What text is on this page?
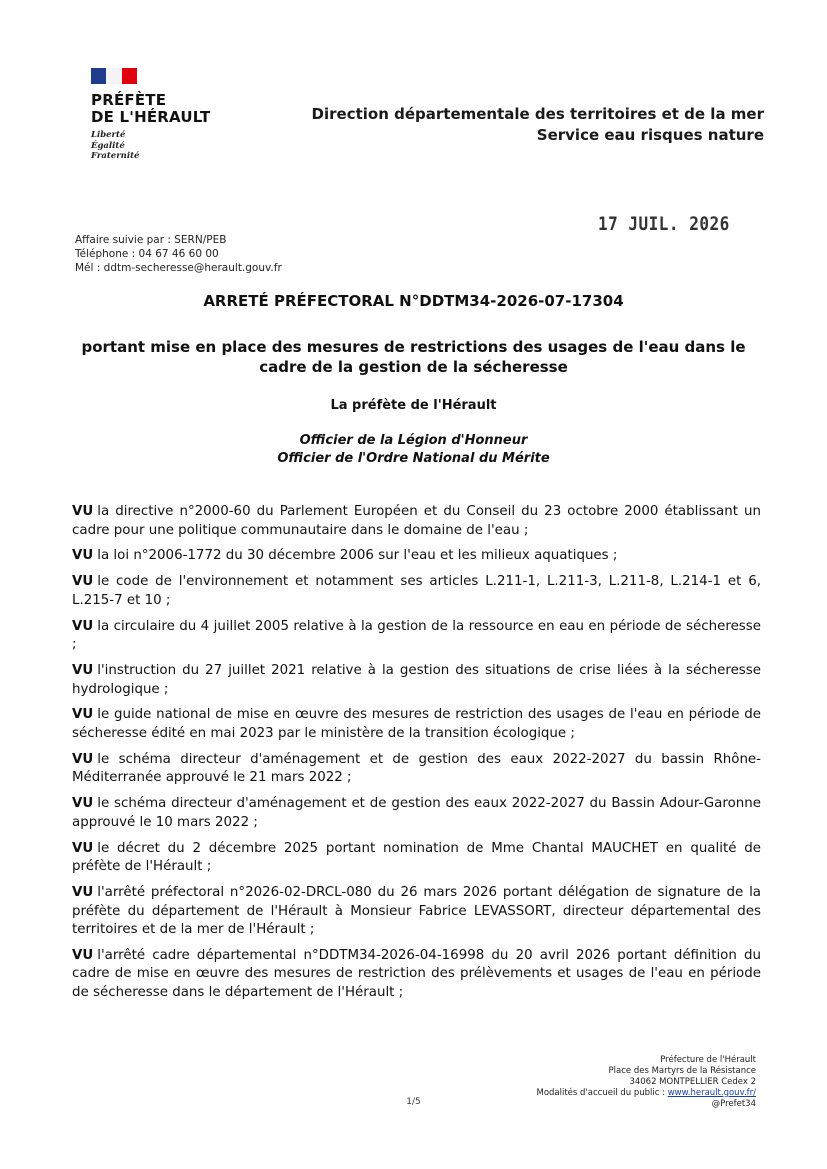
PRÉFÈTE
DE L'HÉRAULT
Liberté
Égalité
Fraternité
Direction départementale des territoires et de la mer
Service eau risques nature
17 JUIL. 2026
Affaire suivie par : SERN/PEB
Téléphone : 04 67 46 60 00
Mél : ddtm-secheresse@herault.gouv.fr
ARRETÉ PRÉFECTORAL N°DDTM34-2026-07-17304
portant mise en place des mesures de restrictions des usages de l'eau dans le cadre de la gestion de la sécheresse
La préfète de l'Hérault
Officier de la Légion d'Honneur
Officier de l'Ordre National du Mérite

VU la directive n°2000-60 du Parlement Européen et du Conseil du 23 octobre 2000 établissant un cadre pour une politique communautaire dans le domaine de l'eau ;

VU la loi n°2006-1772 du 30 décembre 2006 sur l'eau et les milieux aquatiques ;

VU le code de l'environnement et notamment ses articles L.211-1, L.211-3, L.211-8, L.214-1 et 6, L.215-7 et 10 ;

VU la circulaire du 4 juillet 2005 relative à la gestion de la ressource en eau en période de sécheresse ;

VU l'instruction du 27 juillet 2021 relative à la gestion des situations de crise liées à la sécheresse hydrologique ;

VU le guide national de mise en œuvre des mesures de restriction des usages de l'eau en période de sécheresse édité en mai 2023 par le ministère de la transition écologique ;

VU le schéma directeur d'aménagement et de gestion des eaux 2022-2027 du bassin Rhône-Méditerranée approuvé le 21 mars 2022 ;

VU le schéma directeur d'aménagement et de gestion des eaux 2022-2027 du Bassin Adour-Garonne approuvé le 10 mars 2022 ;

VU le décret du 2 décembre 2025 portant nomination de Mme Chantal MAUCHET en qualité de préfète de l'Hérault ;

VU l'arrêté préfectoral n°2026-02-DRCL-080 du 26 mars 2026 portant délégation de signature de la préfète du département de l'Hérault à Monsieur Fabrice LEVASSORT, directeur départemental des territoires et de la mer de l'Hérault ;

VU l'arrêté cadre départemental n°DDTM34-2026-04-16998 du 20 avril 2026 portant définition du cadre de mise en œuvre des mesures de restriction des prélèvements et usages de l'eau en période de sécheresse dans le département de l'Hérault ;

Préfecture de l'Hérault
Place des Martyrs de la Résistance
34062 MONTPELLIER Cedex 2
Modalités d'accueil du public : www.herault.gouv.fr/
@Prefet34
1/5
